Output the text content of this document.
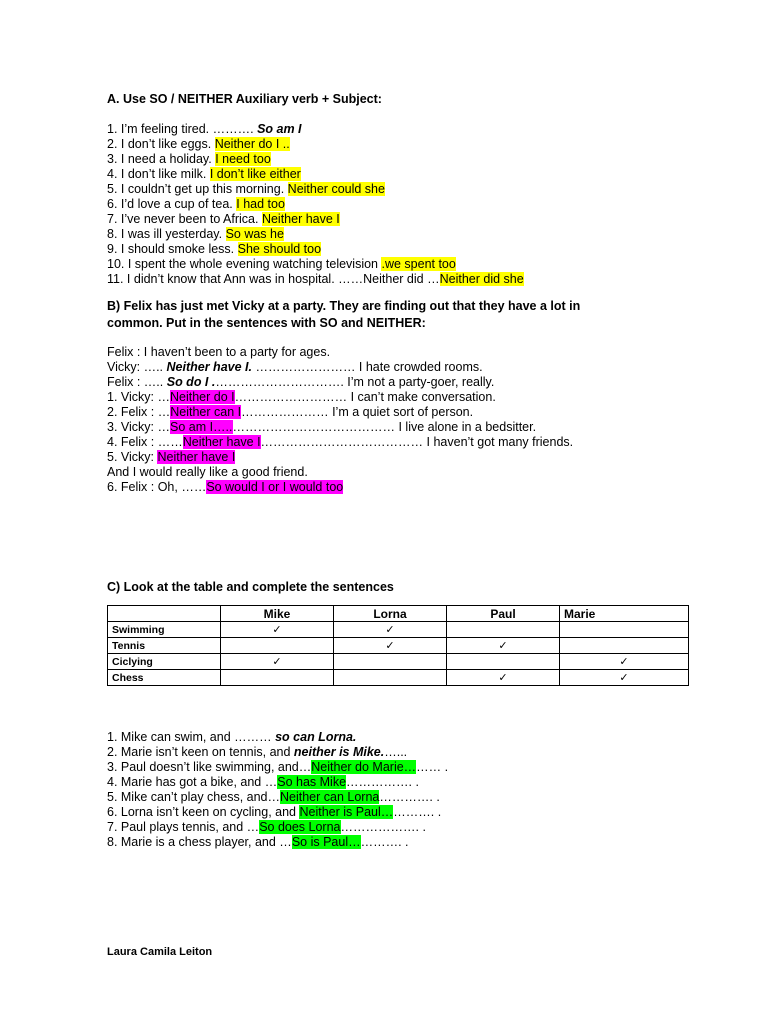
A. Use SO / NEITHER Auxiliary verb + Subject:
1. I’m feeling tired. ………. So am I
2. I don’t like eggs. Neither do I ..
3. I need a holiday. I need too
4. I don’t like milk. I don’t like either
5. I couldn’t get up this morning. Neither could she
6. I’d love a cup of tea. I had too
7. I’ve never been to Africa. Neither have I
8. I was ill yesterday. So was he
9. I should smoke less. She should too
10. I spent the whole evening watching television .we spent too
11. I didn’t know that Ann was in hospital. ……Neither did …Neither did she
B) Felix has just met Vicky at a party. They are finding out that they have a lot in
common. Put in the sentences with SO and NEITHER:
Felix : I haven’t been to a party for ages.
Vicky: ….. Neither have I. …………………… I hate crowded rooms.
Felix : ….. So do I .…………………………. I’m not a party-goer, really.
1. Vicky: …Neither do I……………………… I can’t make conversation.
2. Felix : …Neither can I………………… I’m a quiet sort of person.
3. Vicky: …So am I…..………………………………… I live alone in a bedsitter.
4. Felix : ……Neither have I………………………………… I haven’t got many friends.
5. Vicky: Neither have I
And I would really like a good friend.
6. Felix : Oh, ……So would I or I would too
C) Look at the table and complete the sentences
	Mike	Lorna	Paul	Marie
Swimming	✓	✓		
Tennis		✓	✓	
Ciclying	✓			✓
Chess			✓	✓
1. Mike can swim, and ……… so can Lorna.
2. Marie isn’t keen on tennis, and neither is Mike.…...
3. Paul doesn’t like swimming, and…Neither do Marie……… .
4. Marie has got a bike, and …So has Mike……………. .
5. Mike can’t play chess, and…Neither can Lorna…………. .
6. Lorna isn’t keen on cycling, and Neither is Paul…………. .
7. Paul plays tennis, and …So does Lorna………………. .
8. Marie is a chess player, and …So is Paul…………. .
Laura Camila Leiton
